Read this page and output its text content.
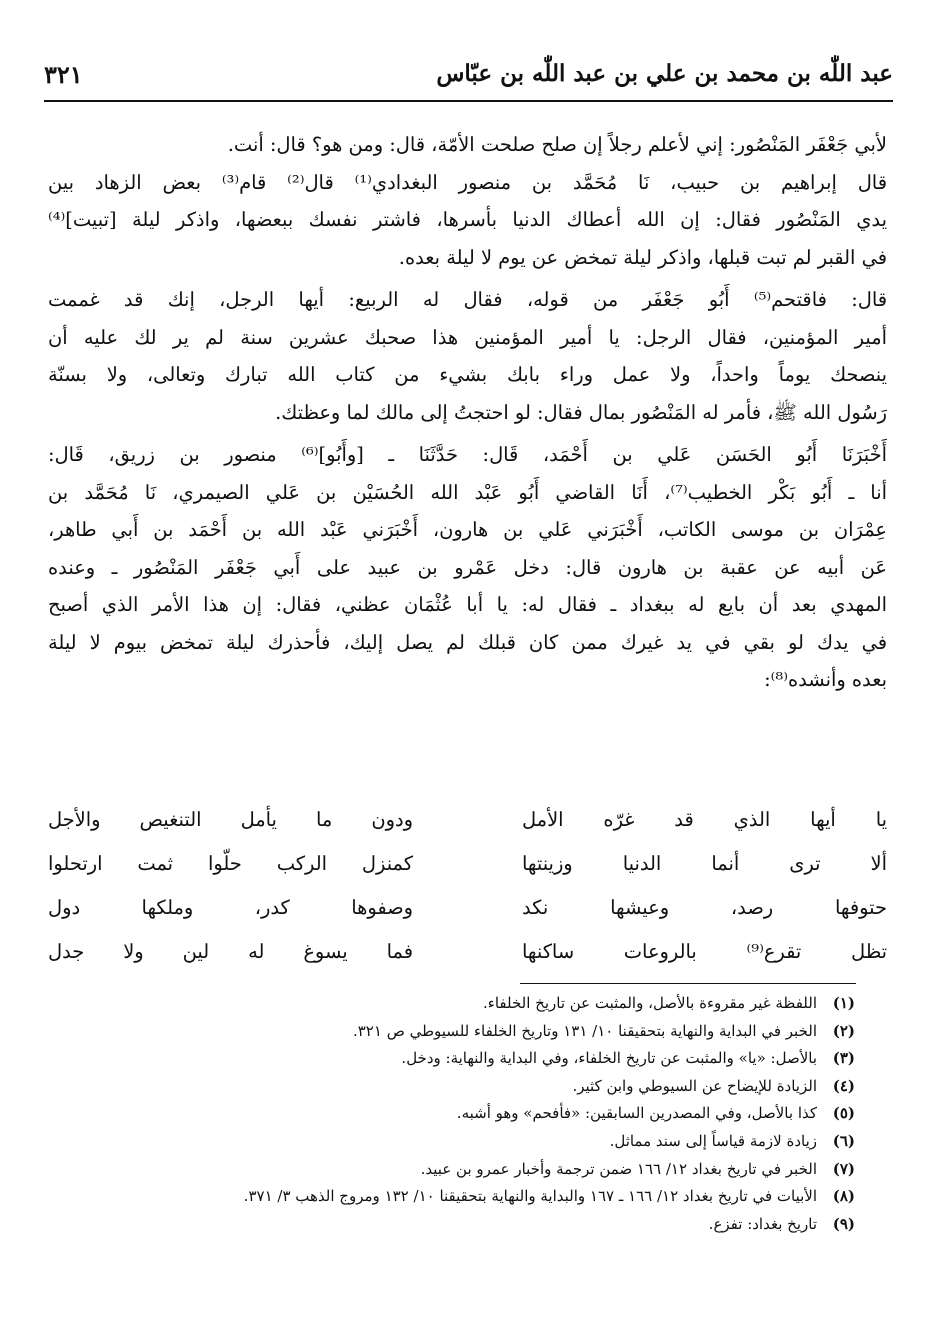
عبد اللّٰه بن محمد بن علي بن عبد اللّٰه بن عبّاس
٣٢١
لأبي جَعْفَر المَنْصُور: إني لأعلم رجلاً إن صلح صلحت الأمّة، قال: ومن هو؟ قال: أنت.
قال إبراهيم بن حبيب، نَا مُحَمَّد بن منصور البغدادي⁽¹⁾ قال⁽²⁾ قام⁽³⁾ بعض الزهاد بين
يدي المَنْصُور فقال: إن الله أعطاك الدنيا بأسرها، فاشتر نفسك ببعضها، واذكر ليلة [تبيت]⁽⁴⁾
في القبر لم تبت قبلها، واذكر ليلة تمخض عن يوم لا ليلة بعده.
قال: فاقتحم⁽⁵⁾ أَبُو جَعْفَر من قوله، فقال له الربيع: أيها الرجل، إنك قد غممت
أمير المؤمنين، فقال الرجل: يا أمير المؤمنين هذا صحبك عشرين سنة لم ير لك عليه أن
ينصحك يوماً واحداً، ولا عمل وراء بابك بشيء من كتاب الله تبارك وتعالى، ولا بسنّة
رَسُول الله ﷺ، فأمر له المَنْصُور بمال فقال: لو احتجتُ إلى مالك لما وعظتك.
أَخْبَرَنَا أَبُو الحَسَن عَلي بن أَحْمَد، قَال: حَدَّثَنَا ـ [وأَبُو]⁽⁶⁾ منصور بن زريق، قَال:
أنا ـ أَبُو بَكْر الخطيب⁽⁷⁾، أَنَا القاضي أَبُو عَبْد الله الحُسَيْن بن عَلي الصيمري، نَا مُحَمَّد بن
عِمْرَان بن موسى الكاتب، أَخْبَرَني عَلي بن هارون، أَخْبَرَني عَبْد الله بن أَحْمَد بن أَبي طاهر،
عَن أبيه عن عقبة بن هارون قال: دخل عَمْرو بن عبيد على أَبي جَعْفَر المَنْصُور ـ وعنده
المهدي بعد أن بايع له ببغداد ـ فقال له: يا أبا عُثْمَان عظني، فقال: إن هذا الأمر الذي أصبح
في يدك لو بقي في يد غيرك ممن كان قبلك لم يصل إليك، فأحذرك ليلة تمخض بيوم لا ليلة
بعده وأنشده⁽⁸⁾:
يا أيها الذي قد غرّه الأمل
ودون ما يأمل التنغيص والأجل
ألا ترى أنما الدنيا وزينتها
كمنزل الركب حلّوا ثمت ارتحلوا
حتوفها رصد، وعيشها نكد
وصفوها كدر، وملكها دول
تظل تقرع⁽⁹⁾ بالروعات ساكنها
فما يسوغ له لين ولا جدل
(١)
اللفظة غير مقروءة بالأصل، والمثبت عن تاريخ الخلفاء.
(٢)
الخبر في البداية والنهاية بتحقيقنا ١٠/ ١٣١ وتاريخ الخلفاء للسيوطي ص ٣٢١.
(٣)
بالأصل: «يا» والمثبت عن تاريخ الخلفاء، وفي البداية والنهاية: ودخل.
(٤)
الزيادة للإيضاح عن السيوطي وابن كثير.
(٥)
كذا بالأصل، وفي المصدرين السابقين: «فأفحم» وهو أشبه.
(٦)
زيادة لازمة قياساً إلى سند مماثل.
(٧)
الخبر في تاريخ بغداد ١٢/ ١٦٦ ضمن ترجمة وأخبار عمرو بن عبيد.
(٨)
الأبيات في تاريخ بغداد ١٢/ ١٦٦ ـ ١٦٧ والبداية والنهاية بتحقيقنا ١٠/ ١٣٢ ومروج الذهب ٣/ ٣٧١.
(٩)
تاريخ بغداد: تفزع.
